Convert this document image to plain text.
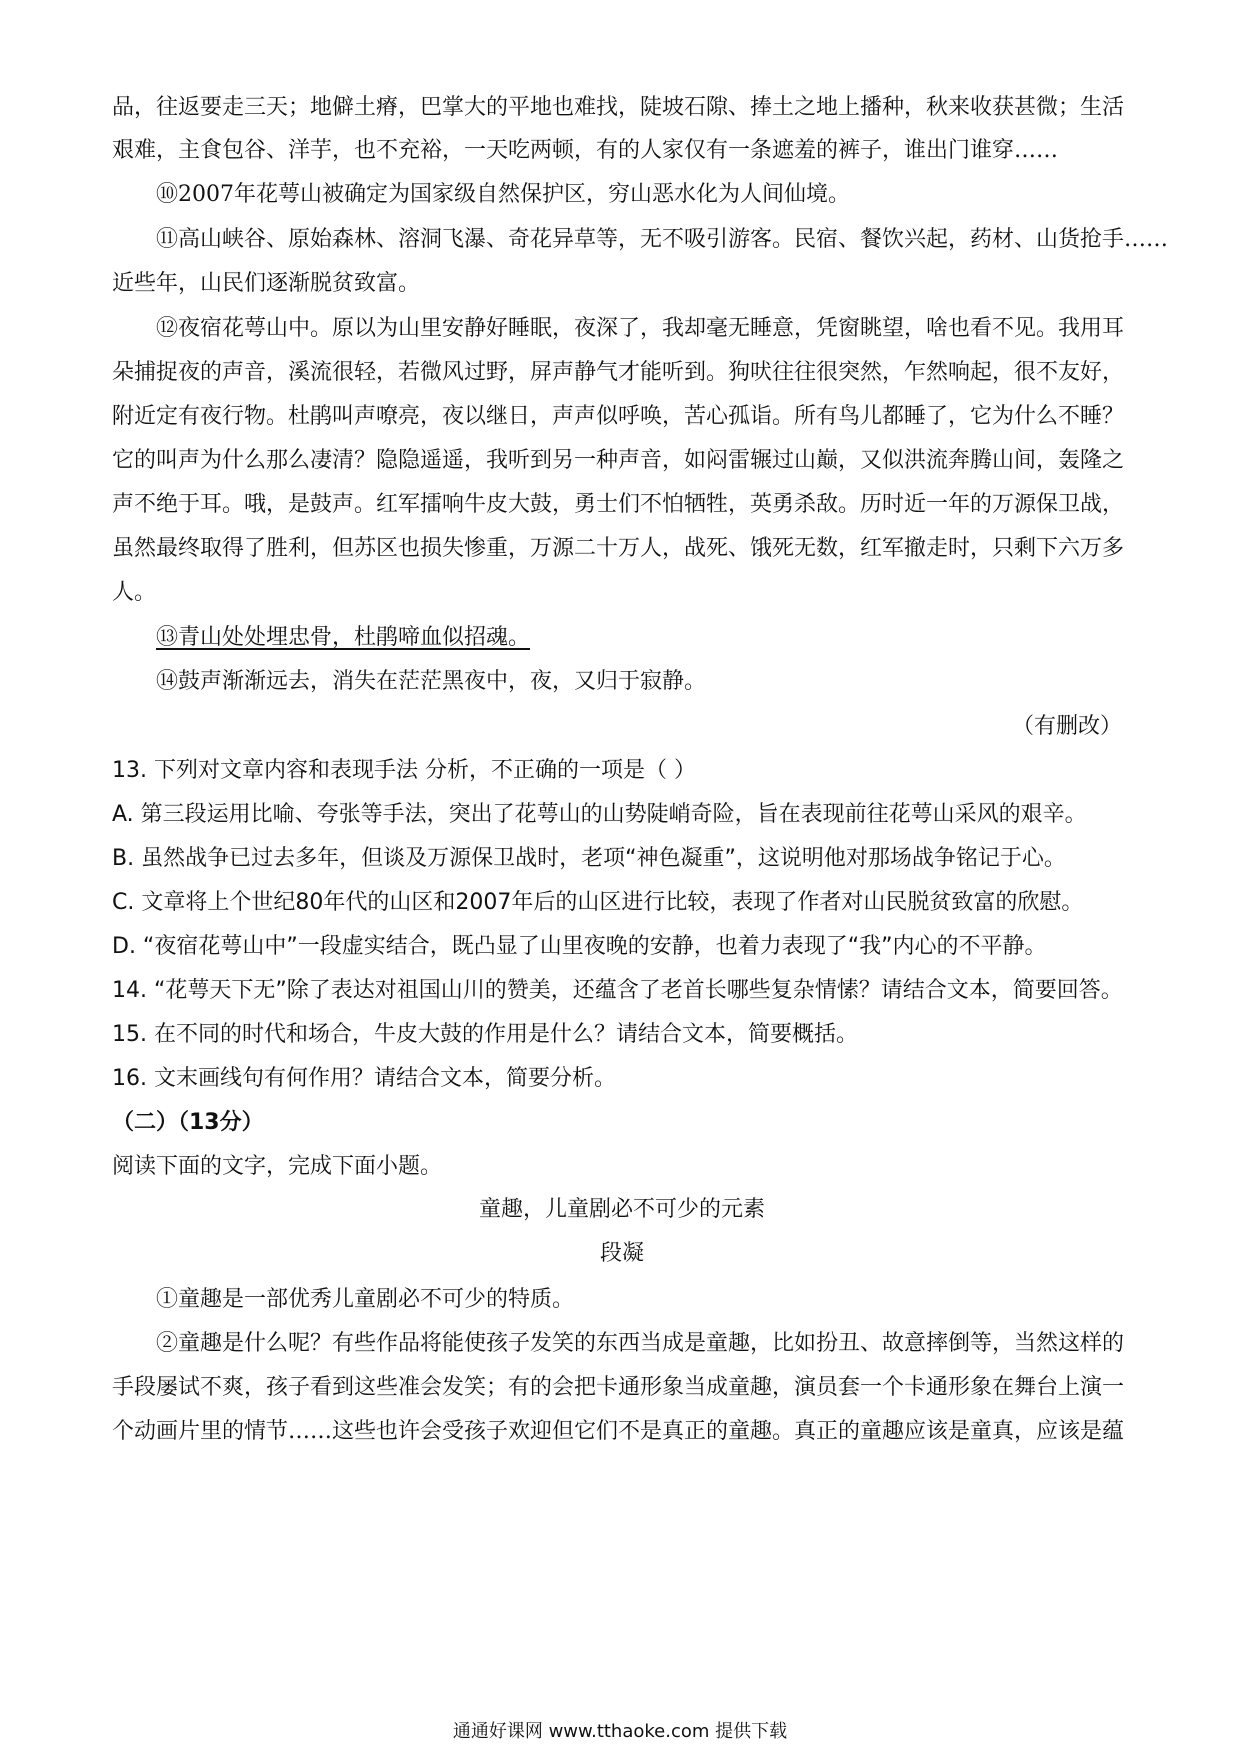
品，往返要走三天；地僻土瘠，巴掌大的平地也难找，陡坡石隙、捧土之地上播种，秋来收获甚微；生活
艰难，主食包谷、洋芋，也不充裕，一天吃两顿，有的人家仅有一条遮羞的裤子，谁出门谁穿……
⑩2007年花萼山被确定为国家级自然保护区，穷山恶水化为人间仙境。
⑪高山峡谷、原始森林、溶洞飞瀑、奇花异草等，无不吸引游客。民宿、餐饮兴起，药材、山货抢手……
近些年，山民们逐渐脱贫致富。
⑫夜宿花萼山中。原以为山里安静好睡眠，夜深了，我却毫无睡意，凭窗眺望，啥也看不见。我用耳
朵捕捉夜的声音，溪流很轻，若微风过野，屏声静气才能听到。狗吠往往很突然，乍然响起，很不友好，
附近定有夜行物。杜鹃叫声嘹亮，夜以继日，声声似呼唤，苦心孤诣。所有鸟儿都睡了，它为什么不睡？
它的叫声为什么那么凄清？隐隐遥遥，我听到另一种声音，如闷雷辗过山巅，又似洪流奔腾山间，轰隆之
声不绝于耳。哦，是鼓声。红军擂响牛皮大鼓，勇士们不怕牺牲，英勇杀敌。历时近一年的万源保卫战，
虽然最终取得了胜利，但苏区也损失惨重，万源二十万人，战死、饿死无数，红军撤走时，只剩下六万多
人。
⑬青山处处埋忠骨，杜鹃啼血似招魂。
⑭鼓声渐渐远去，消失在茫茫黑夜中，夜，又归于寂静。
（有删改）
13. 下列对文章内容和表现手法 分析，不正确的一项是（ ）
A. 第三段运用比喻、夸张等手法，突出了花萼山的山势陡峭奇险，旨在表现前往花萼山采风的艰辛。
B. 虽然战争已过去多年，但谈及万源保卫战时，老项“神色凝重”，这说明他对那场战争铭记于心。
C. 文章将上个世纪80年代的山区和2007年后的山区进行比较，表现了作者对山民脱贫致富的欣慰。
D. “夜宿花萼山中”一段虚实结合，既凸显了山里夜晚的安静，也着力表现了“我”内心的不平静。
14. “花萼天下无”除了表达对祖国山川的赞美，还蕴含了老首长哪些复杂情愫？请结合文本，简要回答。
15. 在不同的时代和场合，牛皮大鼓的作用是什么？请结合文本，简要概括。
16. 文末画线句有何作用？请结合文本，简要分析。
（二）（13分）
阅读下面的文字，完成下面小题。
童趣，儿童剧必不可少的元素
段凝
①童趣是一部优秀儿童剧必不可少的特质。
②童趣是什么呢？有些作品将能使孩子发笑的东西当成是童趣，比如扮丑、故意摔倒等，当然这样的
手段屡试不爽，孩子看到这些准会发笑；有的会把卡通形象当成童趣，演员套一个卡通形象在舞台上演一
个动画片里的情节……这些也许会受孩子欢迎但它们不是真正的童趣。真正的童趣应该是童真，应该是蕴
通通好课网 www.tthaoke.com 提供下载
